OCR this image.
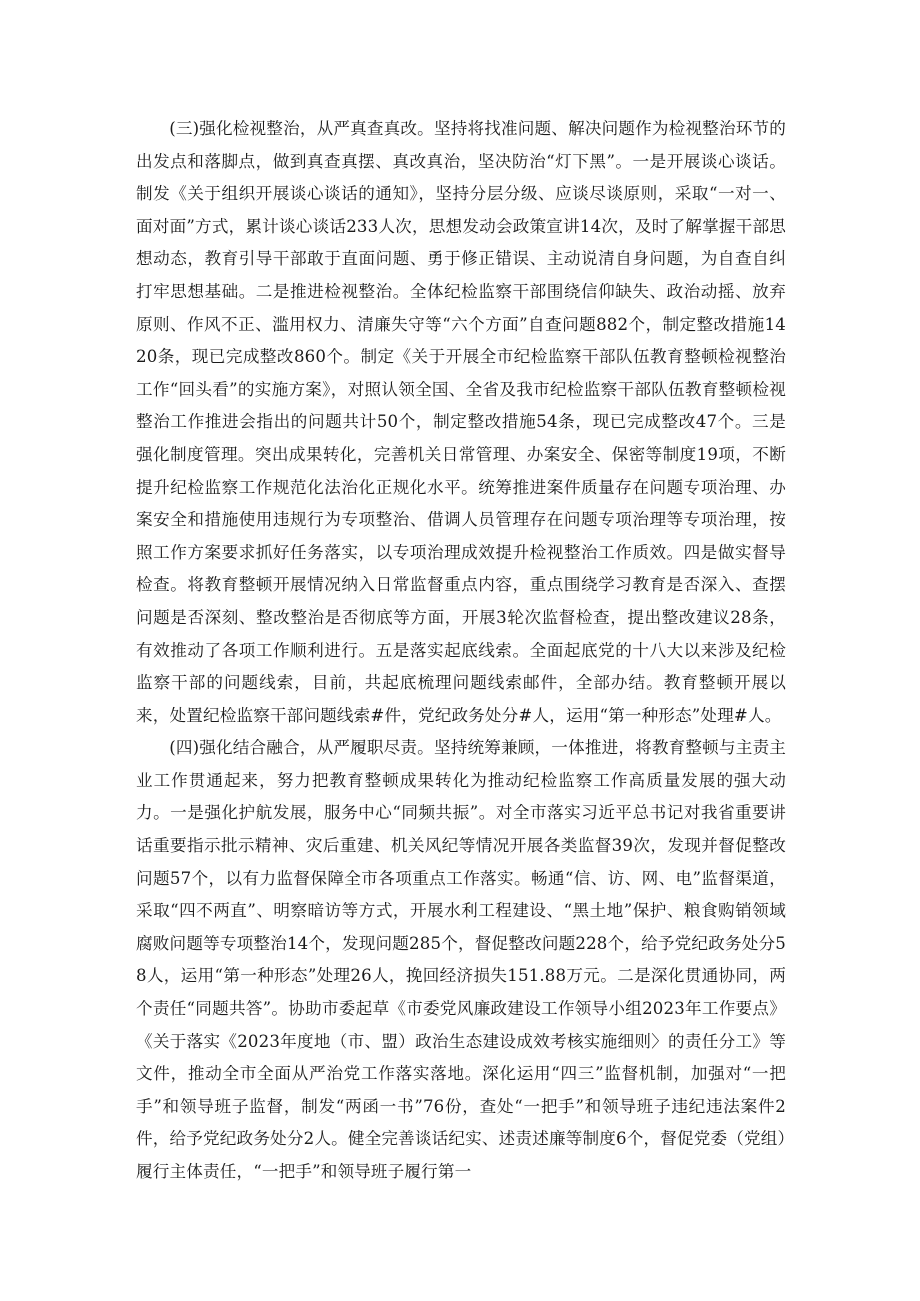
(三)强化检视整治，从严真查真改。坚持将找准问题、解决问题作为检视整治环节的出发点和落脚点，做到真查真摆、真改真治，坚决防治“灯下黑”。一是开展谈心谈话。制发《关于组织开展谈心谈话的通知》，坚持分层分级、应谈尽谈原则，采取“一对一、面对面”方式，累计谈心谈话233人次，思想发动会政策宣讲14次，及时了解掌握干部思想动态，教育引导干部敢于直面问题、勇于修正错误、主动说清自身问题，为自查自纠打牢思想基础。二是推进检视整治。全体纪检监察干部围绕信仰缺失、政治动摇、放弃原则、作风不正、滥用权力、清廉失守等“六个方面”自查问题882个，制定整改措施1420条，现已完成整改860个。制定《关于开展全市纪检监察干部队伍教育整顿检视整治工作“回头看”的实施方案》，对照认领全国、全省及我市纪检监察干部队伍教育整顿检视整治工作推进会指出的问题共计50个，制定整改措施54条，现已完成整改47个。三是强化制度管理。突出成果转化，完善机关日常管理、办案安全、保密等制度19项，不断提升纪检监察工作规范化法治化正规化水平。统筹推进案件质量存在问题专项治理、办案安全和措施使用违规行为专项整治、借调人员管理存在问题专项治理等专项治理，按照工作方案要求抓好任务落实，以专项治理成效提升检视整治工作质效。四是做实督导检查。将教育整顿开展情况纳入日常监督重点内容，重点围绕学习教育是否深入、查摆问题是否深刻、整改整治是否彻底等方面，开展3轮次监督检查，提出整改建议28条，有效推动了各项工作顺利进行。五是落实起底线索。全面起底党的十八大以来涉及纪检监察干部的问题线索，目前，共起底梳理问题线索邮件，全部办结。教育整顿开展以来，处置纪检监察干部问题线索#件，党纪政务处分#人，运用“第一种形态”处理#人。

(四)强化结合融合，从严履职尽责。坚持统筹兼顾，一体推进，将教育整顿与主责主业工作贯通起来，努力把教育整顿成果转化为推动纪检监察工作高质量发展的强大动力。一是强化护航发展，服务中心“同频共振”。对全市落实习近平总书记对我省重要讲话重要指示批示精神、灾后重建、机关风纪等情况开展各类监督39次，发现并督促整改问题57个，以有力监督保障全市各项重点工作落实。畅通“信、访、网、电”监督渠道，采取“四不两直”、明察暗访等方式，开展水利工程建设、“黑土地”保护、粮食购销领域腐败问题等专项整治14个，发现问题285个，督促整改问题228个，给予党纪政务处分58人，运用“第一种形态”处理26人，挽回经济损失151.88万元。二是深化贯通协同，两个责任“同题共答”。协助市委起草《市委党风廉政建设工作领导小组2023年工作要点》《关于落实《2023年度地（市、盟）政治生态建设成效考核实施细则〉的责任分工》等文件，推动全市全面从严治党工作落实落地。深化运用“四三”监督机制，加强对“一把手”和领导班子监督，制发“两函一书”76份，查处“一把手”和领导班子违纪违法案件2件，给予党纪政务处分2人。健全完善谈话纪实、述责述廉等制度6个，督促党委（党组）履行主体责任，“一把手”和领导班子履行第一
